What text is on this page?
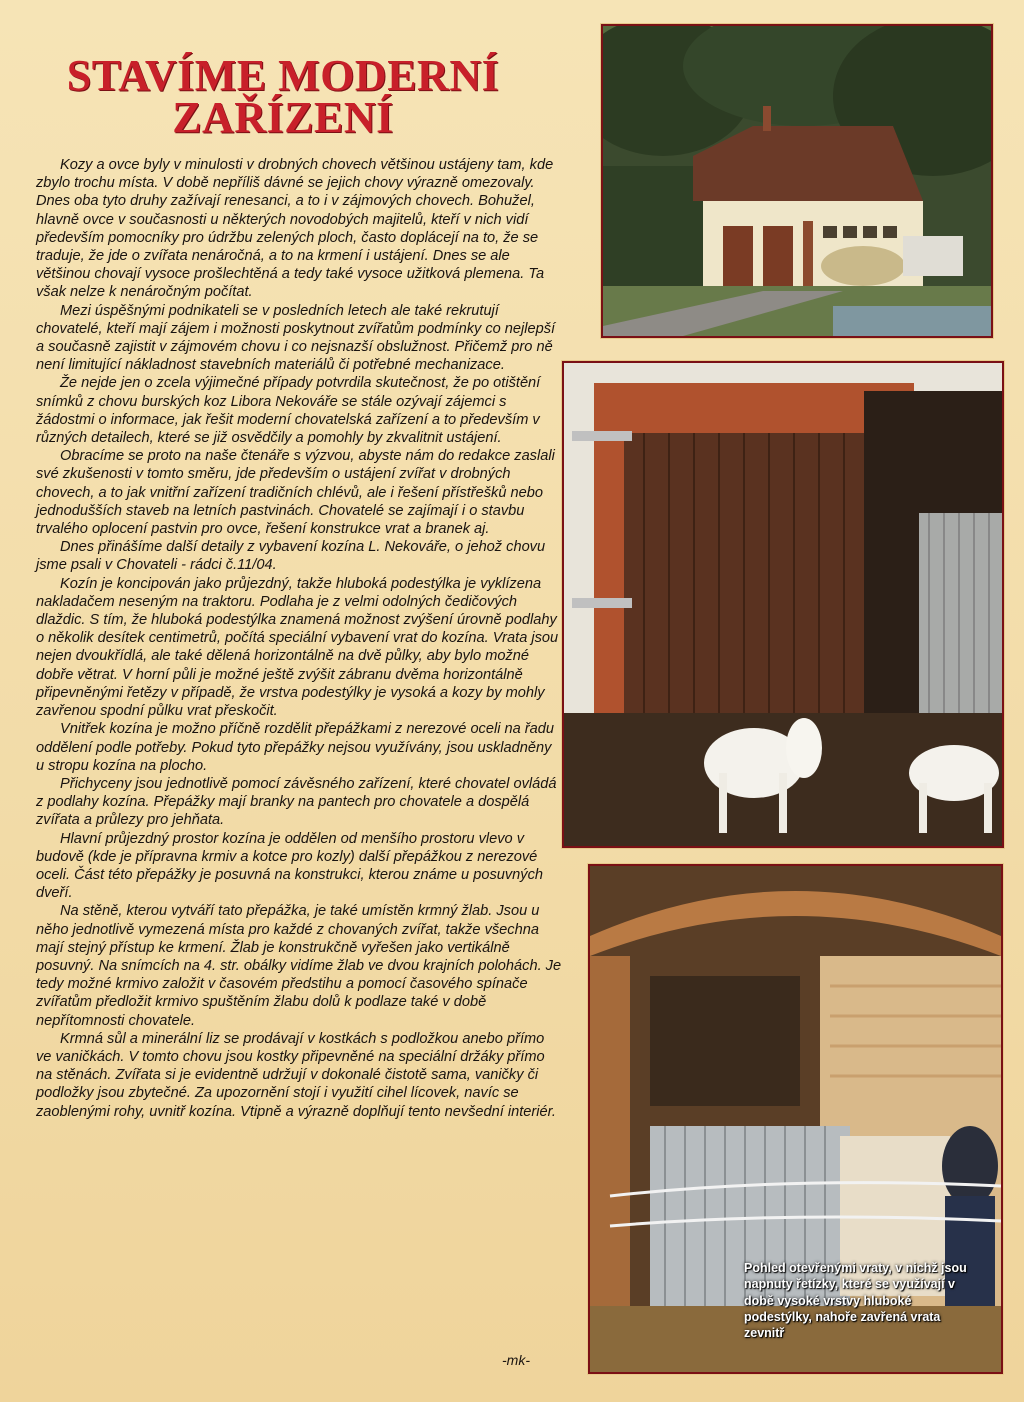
STAVÍME MODERNÍ
ZAŘÍZENÍ

Kozy a ovce byly v minulosti v drobných chovech většinou ustájeny tam, kde zbylo trochu místa. V době nepříliš dávné se jejich chovy výrazně omezovaly. Dnes oba tyto druhy zažívají renesanci, a to i v zájmových chovech. Bohužel, hlavně ovce v současnosti u některých novodobých majitelů, kteří v nich vidí především pomocníky pro údržbu zelených ploch, často doplácejí na to, že se traduje, že jde o zvířata nenáročná, a to na krmení i ustájení. Dnes se ale většinou chovají vysoce prošlechtěná a tedy také vysoce užitková plemena. Ta však nelze k nenáročným počítat.

Mezi úspěšnými podnikateli se v posledních letech ale také rekrutují chovatelé, kteří mají zájem i možnosti poskytnout zvířatům podmínky co nejlepší a současně zajistit v zájmovém chovu i co nejsnazší obslužnost. Přičemž pro ně není limitující nákladnost stavebních materiálů či potřebné mechanizace.

Že nejde jen o zcela výjimečné případy potvrdila skutečnost, že po otištění snímků z chovu burských koz Libora Nekováře se stále ozývají zájemci s žádostmi o informace, jak řešit moderní chovatelská zařízení a to především v různých detailech, které se již osvědčily a pomohly by zkvalitnit ustájení.

Obracíme se proto na naše čtenáře s výzvou, abyste nám do redakce zaslali své zkušenosti v tomto směru, jde především o ustájení zvířat v drobných chovech, a to jak vnitřní zařízení tradičních chlévů, ale i řešení přístřešků nebo jednodušších staveb na letních pastvinách. Chovatelé se zajímají i o stavbu trvalého oplocení pastvin pro ovce, řešení konstrukce vrat a branek aj.

Dnes přinášíme další detaily z vybavení kozína L. Nekováře, o jehož chovu jsme psali v Chovateli - rádci č.11/04.

Kozín je koncipován jako průjezdný, takže hluboká podestýlka je vyklízena nakladačem neseným na traktoru. Podlaha je z velmi odolných čedičových dlaždic. S tím, že hluboká podestýlka znamená možnost zvýšení úrovně podlahy o několik desítek centimetrů, počítá speciální vybavení vrat do kozína. Vrata jsou nejen dvoukřídlá, ale také dělená horizontálně na dvě půlky, aby bylo možné dobře větrat. V horní půli je možné ještě zvýšit zábranu dvěma horizontálně připevněnými řetězy v případě, že vrstva podestýlky je vysoká a kozy by mohly zavřenou spodní půlku vrat přeskočit.

Vnitřek kozína je možno příčně rozdělit přepážkami z nerezové oceli na řadu oddělení podle potřeby. Pokud tyto přepážky nejsou využívány, jsou uskladněny u stropu kozína na plocho.

Přichyceny jsou jednotlivě pomocí závěsného zařízení, které chovatel ovládá z podlahy kozína. Přepážky mají branky na pantech pro chovatele a dospělá zvířata a průlezy pro jehňata.

Hlavní průjezdný prostor kozína je oddělen od menšího prostoru vlevo v budově (kde je přípravna krmiv a kotce pro kozly) další přepážkou z nerezové oceli. Část této přepážky je posuvná na konstrukci, kterou známe u posuvných dveří.

Na stěně, kterou vytváří tato přepážka, je také umístěn krmný žlab. Jsou u něho jednotlivě vymezená místa pro každé z chovaných zvířat, takže všechna mají stejný přístup ke krmení. Žlab je konstrukčně vyřešen jako vertikálně posuvný. Na snímcích na 4. str. obálky vidíme žlab ve dvou krajních polohách. Je tedy možné krmivo založit v časovém předstihu a pomocí časového spínače zvířatům předložit krmivo spuštěním žlabu dolů k podlaze také v době nepřítomnosti chovatele.

Krmná sůl a minerální liz se prodávají v kostkách s podložkou anebo přímo ve vaničkách. V tomto chovu jsou kostky připevněné na speciální držáky přímo na stěnách. Zvířata si je evidentně udržují v dokonalé čistotě sama, vaničky či podložky jsou zbytečné. Za upozornění stojí i využití cihel lícovek, navíc se zaoblenými rohy, uvnitř kozína. Vtipně a výrazně doplňují tento nevšední interiér.

-mk-
Pohled otevřenými vraty, v nichž jsou napnuty řetízky, které se využívají v době vysoké vrstvy hluboké podestýlky, nahoře zavřená vrata zevnitř
